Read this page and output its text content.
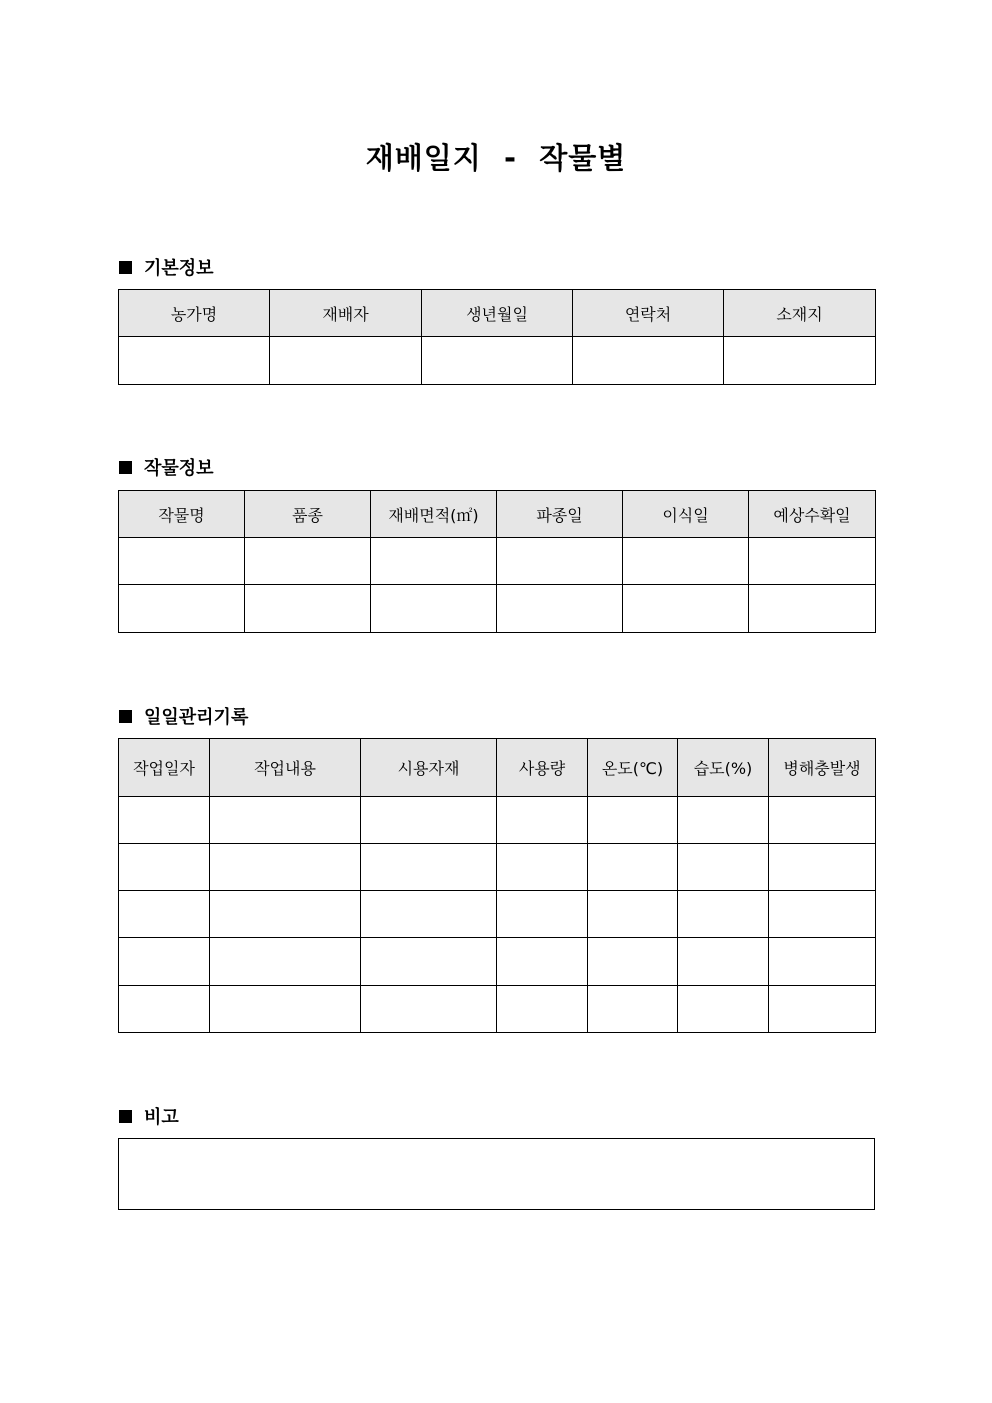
재배일지  -  작물별
기본정보
농가명	재배자	생년월일	연락처	소재지

작물정보
작물명	품종	재배면적(㎡)	파종일	이식일	예상수확일

일일관리기록
작업일자	작업내용	시용자재	사용량	온도(℃)	습도(%)	병해충발생

비고
